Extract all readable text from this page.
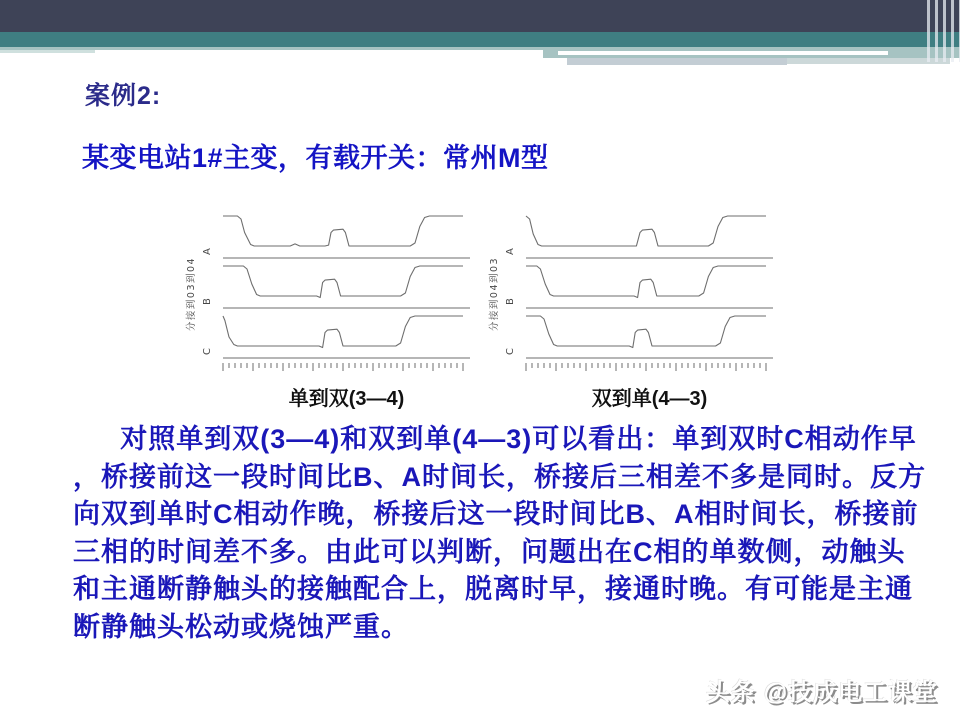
案例2:
某变电站1#主变，有载开关：常州M型
A
B
C
分接到03到04
单到双(3—4)
A
B
C
分接到04到03
双到单(4—3)
对照单到双(3—4)和双到单(4—3)可以看出：单到双时C相动作早
，桥接前这一段时间比B、A时间长，桥接后三相差不多是同时。反方
向双到单时C相动作晚，桥接后这一段时间比B、A相时间长，桥接前
三相的时间差不多。由此可以判断，问题出在C相的单数侧，动触头
和主通断静触头的接触配合上，脱离时早，接通时晚。有可能是主通
断静触头松动或烧蚀严重。
头条 @技成电工课堂
